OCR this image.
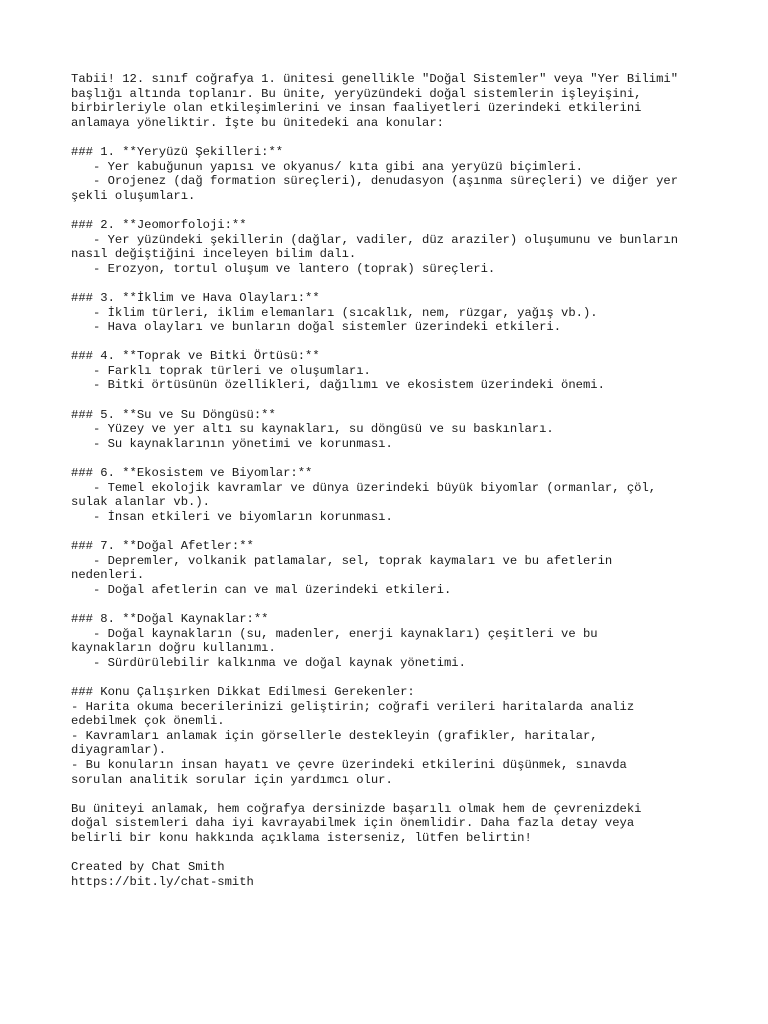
Tabii! 12. sınıf coğrafya 1. ünitesi genellikle "Doğal Sistemler" veya "Yer Bilimi"
başlığı altında toplanır. Bu ünite, yeryüzündeki doğal sistemlerin işleyişini,
birbirleriyle olan etkileşimlerini ve insan faaliyetleri üzerindeki etkilerini
anlamaya yöneliktir. İşte bu ünitedeki ana konular:
### 1. **Yeryüzü Şekilleri:**
- Yer kabuğunun yapısı ve okyanus/ kıta gibi ana yeryüzü biçimleri.
- Orojenez (dağ formation süreçleri), denudasyon (aşınma süreçleri) ve diğer yer
şekli oluşumları.
### 2. **Jeomorfoloji:**
- Yer yüzündeki şekillerin (dağlar, vadiler, düz araziler) oluşumunu ve bunların
nasıl değiştiğini inceleyen bilim dalı.
- Erozyon, tortul oluşum ve lantero (toprak) süreçleri.
### 3. **İklim ve Hava Olayları:**
- İklim türleri, iklim elemanları (sıcaklık, nem, rüzgar, yağış vb.).
- Hava olayları ve bunların doğal sistemler üzerindeki etkileri.
### 4. **Toprak ve Bitki Örtüsü:**
- Farklı toprak türleri ve oluşumları.
- Bitki örtüsünün özellikleri, dağılımı ve ekosistem üzerindeki önemi.
### 5. **Su ve Su Döngüsü:**
- Yüzey ve yer altı su kaynakları, su döngüsü ve su baskınları.
- Su kaynaklarının yönetimi ve korunması.
### 6. **Ekosistem ve Biyomlar:**
- Temel ekolojik kavramlar ve dünya üzerindeki büyük biyomlar (ormanlar, çöl,
sulak alanlar vb.).
- İnsan etkileri ve biyomların korunması.
### 7. **Doğal Afetler:**
- Depremler, volkanik patlamalar, sel, toprak kaymaları ve bu afetlerin
nedenleri.
- Doğal afetlerin can ve mal üzerindeki etkileri.
### 8. **Doğal Kaynaklar:**
- Doğal kaynakların (su, madenler, enerji kaynakları) çeşitleri ve bu
kaynakların doğru kullanımı.
- Sürdürülebilir kalkınma ve doğal kaynak yönetimi.
### Konu Çalışırken Dikkat Edilmesi Gerekenler:
- Harita okuma becerilerinizi geliştirin; coğrafi verileri haritalarda analiz
edebilmek çok önemli.
- Kavramları anlamak için görsellerle destekleyin (grafikler, haritalar,
diyagramlar).
- Bu konuların insan hayatı ve çevre üzerindeki etkilerini düşünmek, sınavda
sorulan analitik sorular için yardımcı olur.
Bu üniteyi anlamak, hem coğrafya dersinizde başarılı olmak hem de çevrenizdeki
doğal sistemleri daha iyi kavrayabilmek için önemlidir. Daha fazla detay veya
belirli bir konu hakkında açıklama isterseniz, lütfen belirtin!
Created by Chat Smith
https://bit.ly/chat-smith
